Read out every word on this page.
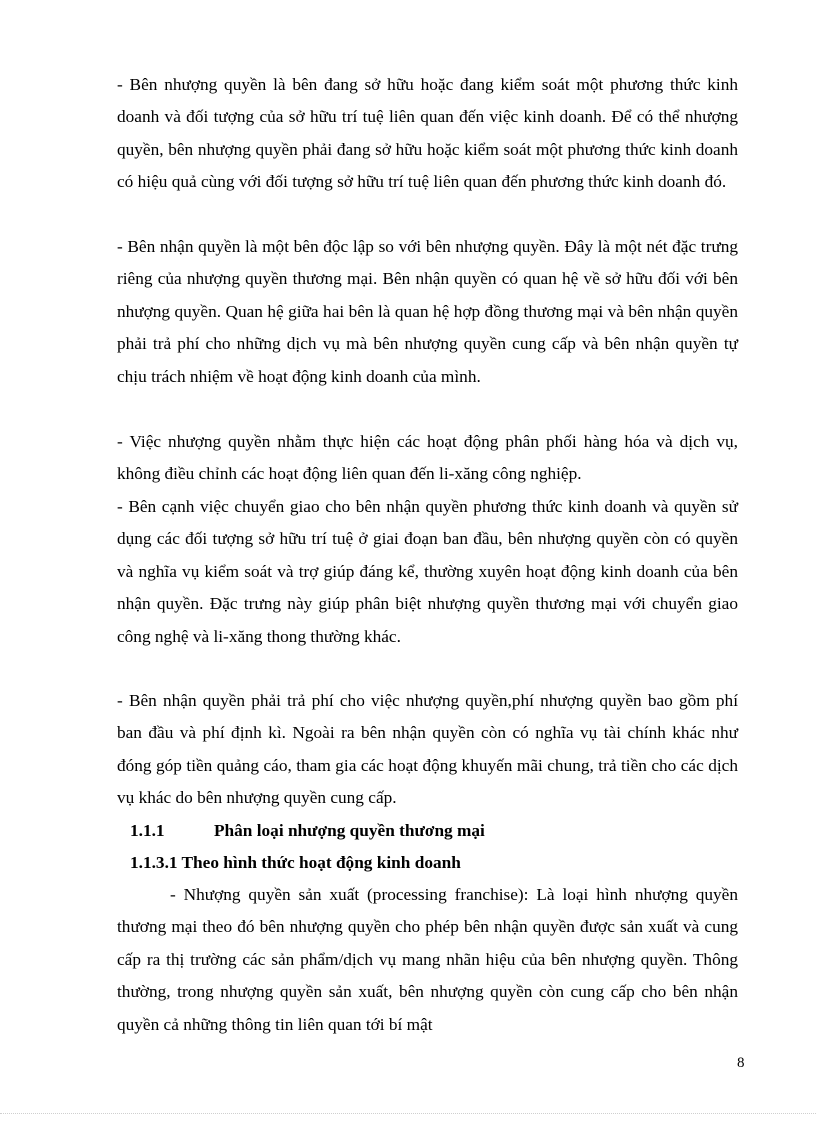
- Bên nhượng quyền là bên đang sở hữu hoặc đang kiểm soát một phương thức kinh doanh và đối tượng của sở hữu trí tuệ liên quan đến việc kinh doanh. Để có thể nhượng quyền, bên nhượng quyền phải đang sở hữu hoặc kiểm soát một phương thức kinh doanh có hiệu quả cùng với đối tượng sở hữu trí tuệ liên quan đến phương thức kinh doanh đó.

- Bên nhận quyền là một bên độc lập so với bên nhượng quyền. Đây là một nét đặc trưng riêng của nhượng quyền thương mại. Bên nhận quyền có quan hệ về sở hữu đối với bên nhượng quyền. Quan hệ giữa hai bên là quan hệ hợp đồng thương mại và bên nhận quyền phải trả phí cho những dịch vụ mà bên nhượng quyền cung cấp và bên nhận quyền tự chịu trách nhiệm về hoạt động kinh doanh của mình.

- Việc nhượng quyền nhằm thực hiện các hoạt động phân phối hàng hóa và dịch vụ, không điều chỉnh các hoạt động liên quan đến li-xăng công nghiệp.

- Bên cạnh việc chuyển giao cho bên nhận quyền phương thức kinh doanh và quyền sử dụng các đối tượng sở hữu trí tuệ ở giai đoạn ban đầu, bên nhượng quyền còn có quyền và nghĩa vụ kiểm soát và trợ giúp đáng kể, thường xuyên hoạt động kinh doanh của bên nhận quyền. Đặc trưng này giúp phân biệt nhượng quyền thương mại với chuyển giao công nghệ và li-xăng thong thường khác.

- Bên nhận quyền phải trả phí cho việc nhượng quyền,phí nhượng quyền bao gồm phí ban đầu và phí định kì. Ngoài ra bên nhận quyền còn có nghĩa vụ tài chính khác như đóng góp tiền quảng cáo, tham gia các hoạt động khuyến mãi chung, trả tiền cho các dịch vụ khác do bên nhượng quyền cung cấp.

1.1.1	Phân loại nhượng quyền thương mại

1.1.3.1 Theo hình thức hoạt động kinh doanh

- Nhượng quyền sản xuất (processing franchise): Là loại hình nhượng quyền thương mại theo đó bên nhượng quyền cho phép bên nhận quyền được sản xuất và cung cấp ra thị trường các sản phẩm/dịch vụ mang nhãn hiệu của bên nhượng quyền. Thông thường, trong nhượng quyền sản xuất, bên nhượng quyền còn cung cấp cho bên nhận quyền cả những thông tin liên quan tới bí mật

8
